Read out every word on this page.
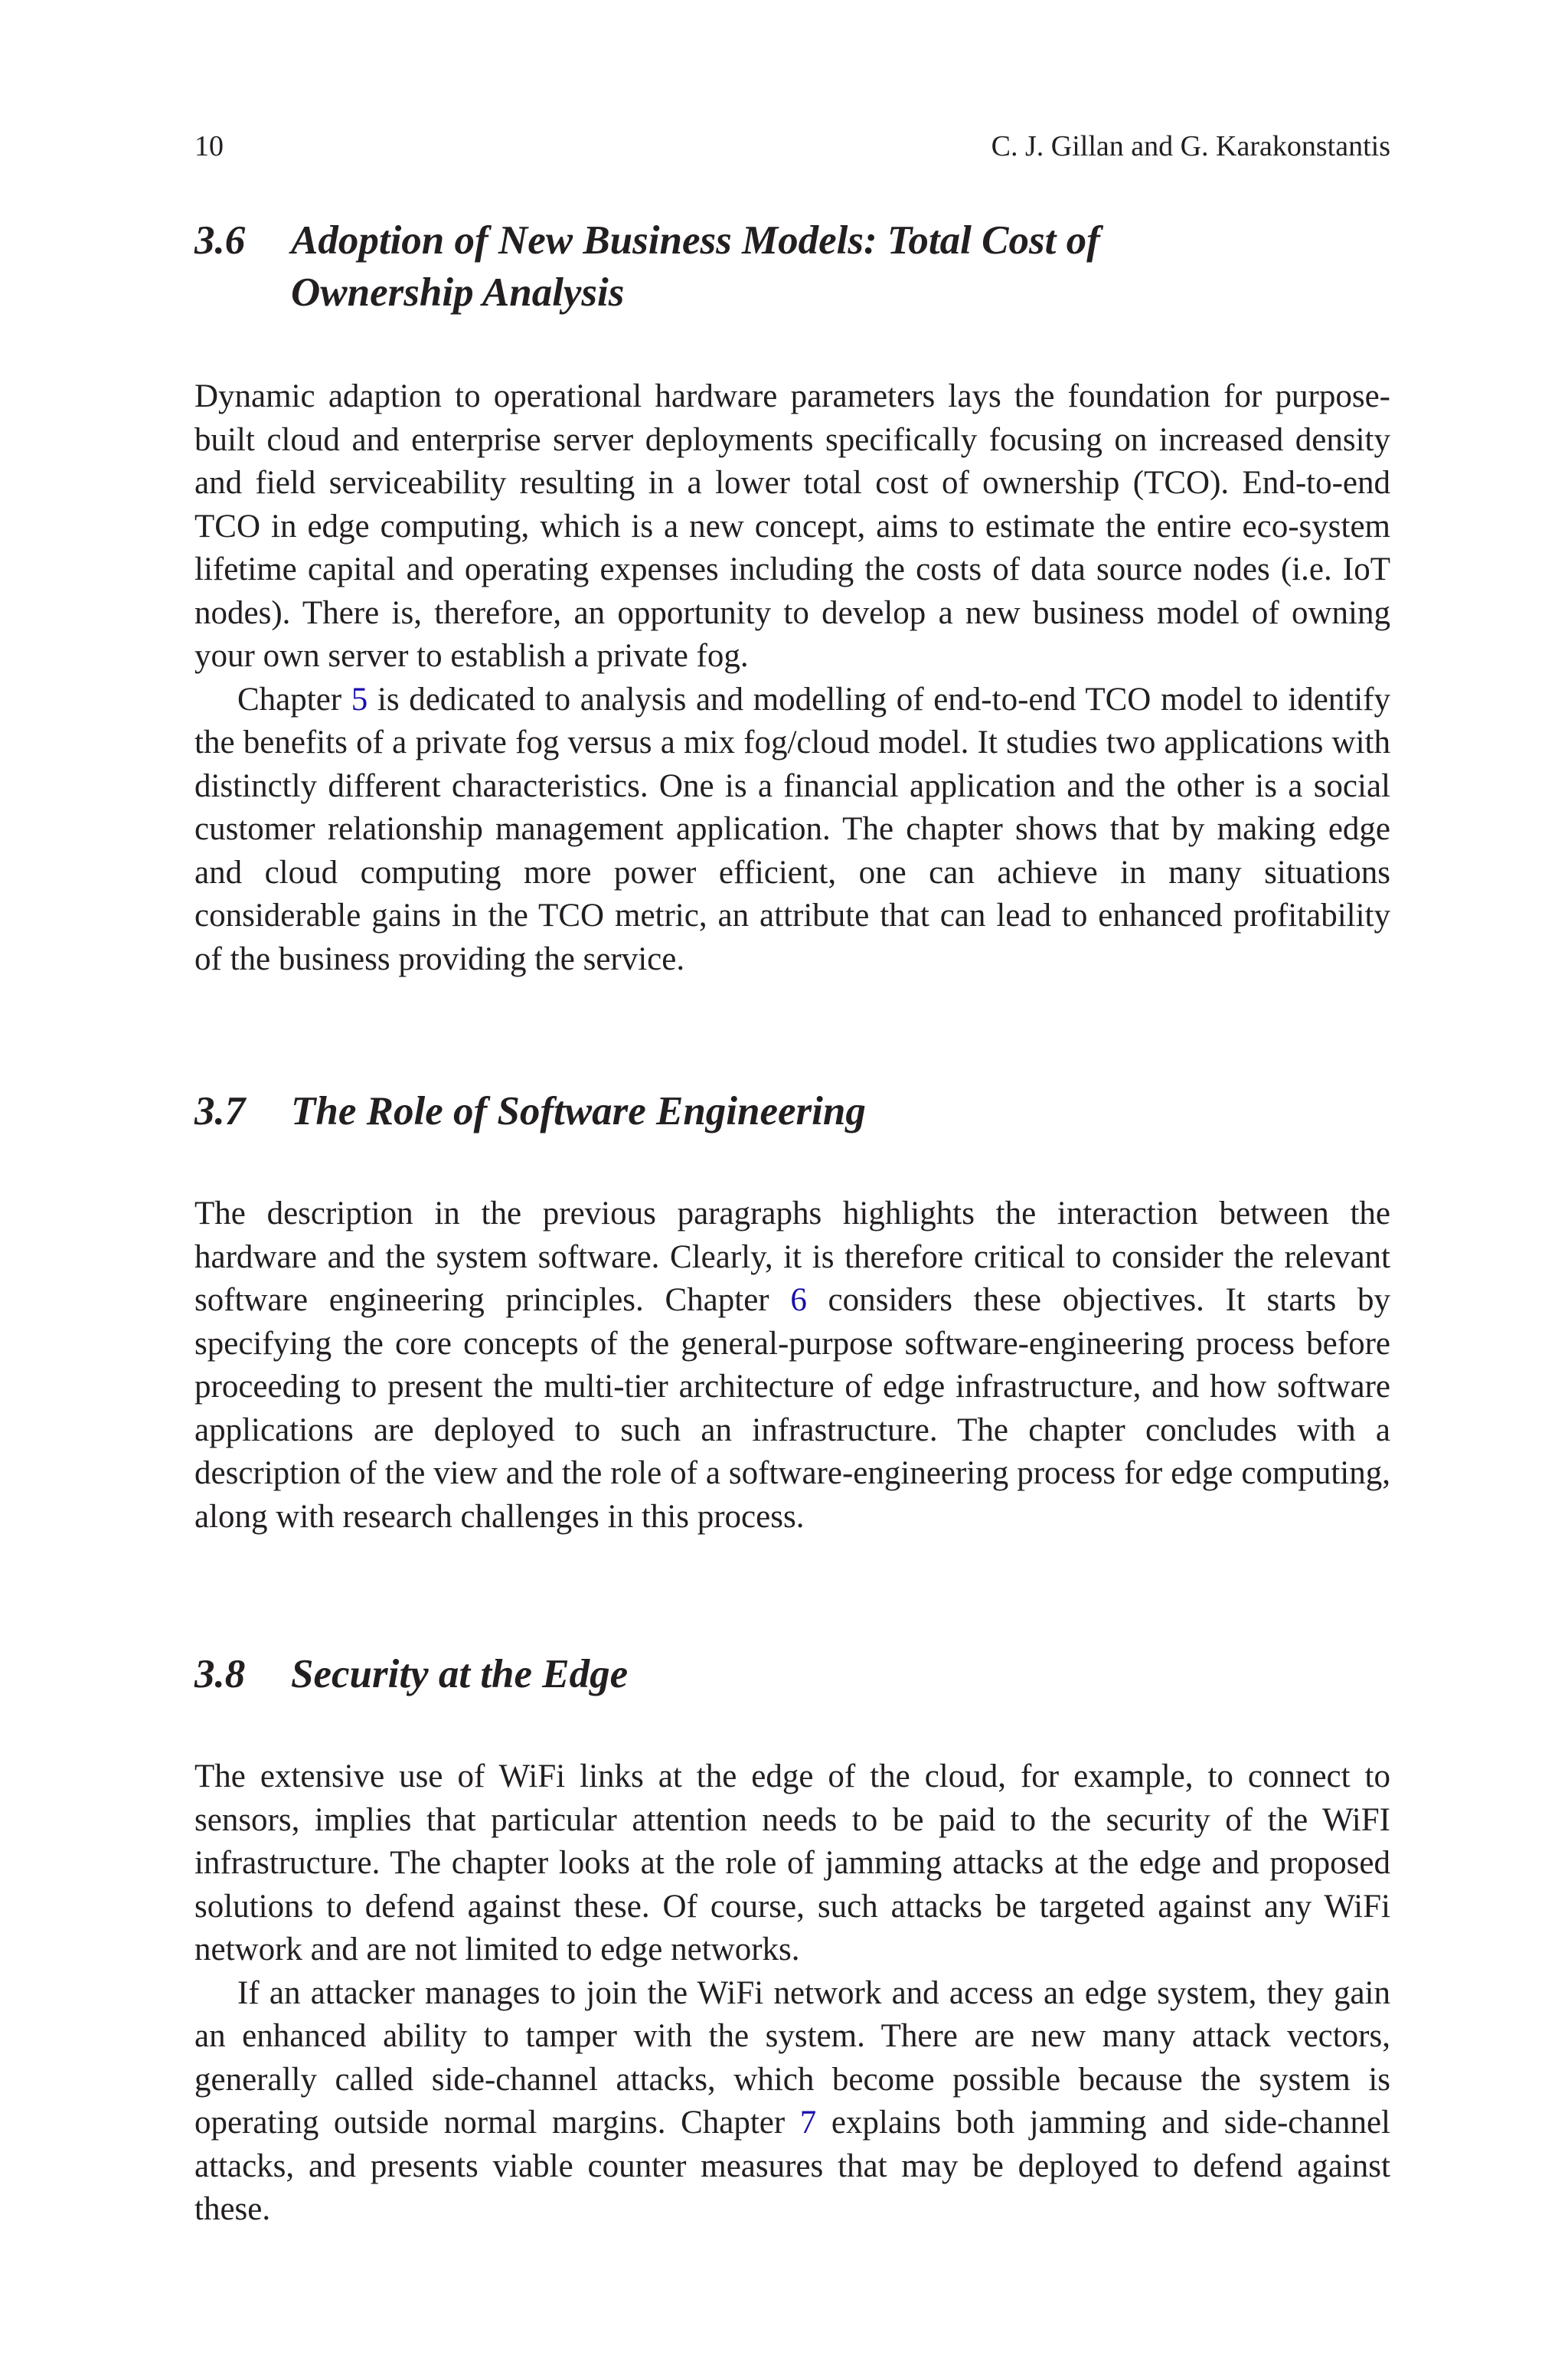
10	C. J. Gillan and G. Karakonstantis
3.6 Adoption of New Business Models: Total Cost of Ownership Analysis

Dynamic adaption to operational hardware parameters lays the foundation for purpose-built cloud and enterprise server deployments specifically focusing on increased density and field serviceability resulting in a lower total cost of ownership (TCO). End-to-end TCO in edge computing, which is a new concept, aims to estimate the entire eco-system lifetime capital and operating expenses including the costs of data source nodes (i.e. IoT nodes). There is, therefore, an opportunity to develop a new business model of owning your own server to establish a private fog.

Chapter 5 is dedicated to analysis and modelling of end-to-end TCO model to identify the benefits of a private fog versus a mix fog/cloud model. It studies two applications with distinctly different characteristics. One is a financial application and the other is a social customer relationship management application. The chapter shows that by making edge and cloud computing more power efficient, one can achieve in many situations considerable gains in the TCO metric, an attribute that can lead to enhanced profitability of the business providing the service.

3.7 The Role of Software Engineering

The description in the previous paragraphs highlights the interaction between the hardware and the system software. Clearly, it is therefore critical to consider the relevant software engineering principles. Chapter 6 considers these objectives. It starts by specifying the core concepts of the general-purpose software-engineering process before proceeding to present the multi-tier architecture of edge infrastructure, and how software applications are deployed to such an infrastructure. The chapter concludes with a description of the view and the role of a software-engineering process for edge computing, along with research challenges in this process.

3.8 Security at the Edge

The extensive use of WiFi links at the edge of the cloud, for example, to connect to sensors, implies that particular attention needs to be paid to the security of the WiFI infrastructure. The chapter looks at the role of jamming attacks at the edge and proposed solutions to defend against these. Of course, such attacks be targeted against any WiFi network and are not limited to edge networks.

If an attacker manages to join the WiFi network and access an edge system, they gain an enhanced ability to tamper with the system. There are new many attack vectors, generally called side-channel attacks, which become possible because the system is operating outside normal margins. Chapter 7 explains both jamming and side-channel attacks, and presents viable counter measures that may be deployed to defend against these.
